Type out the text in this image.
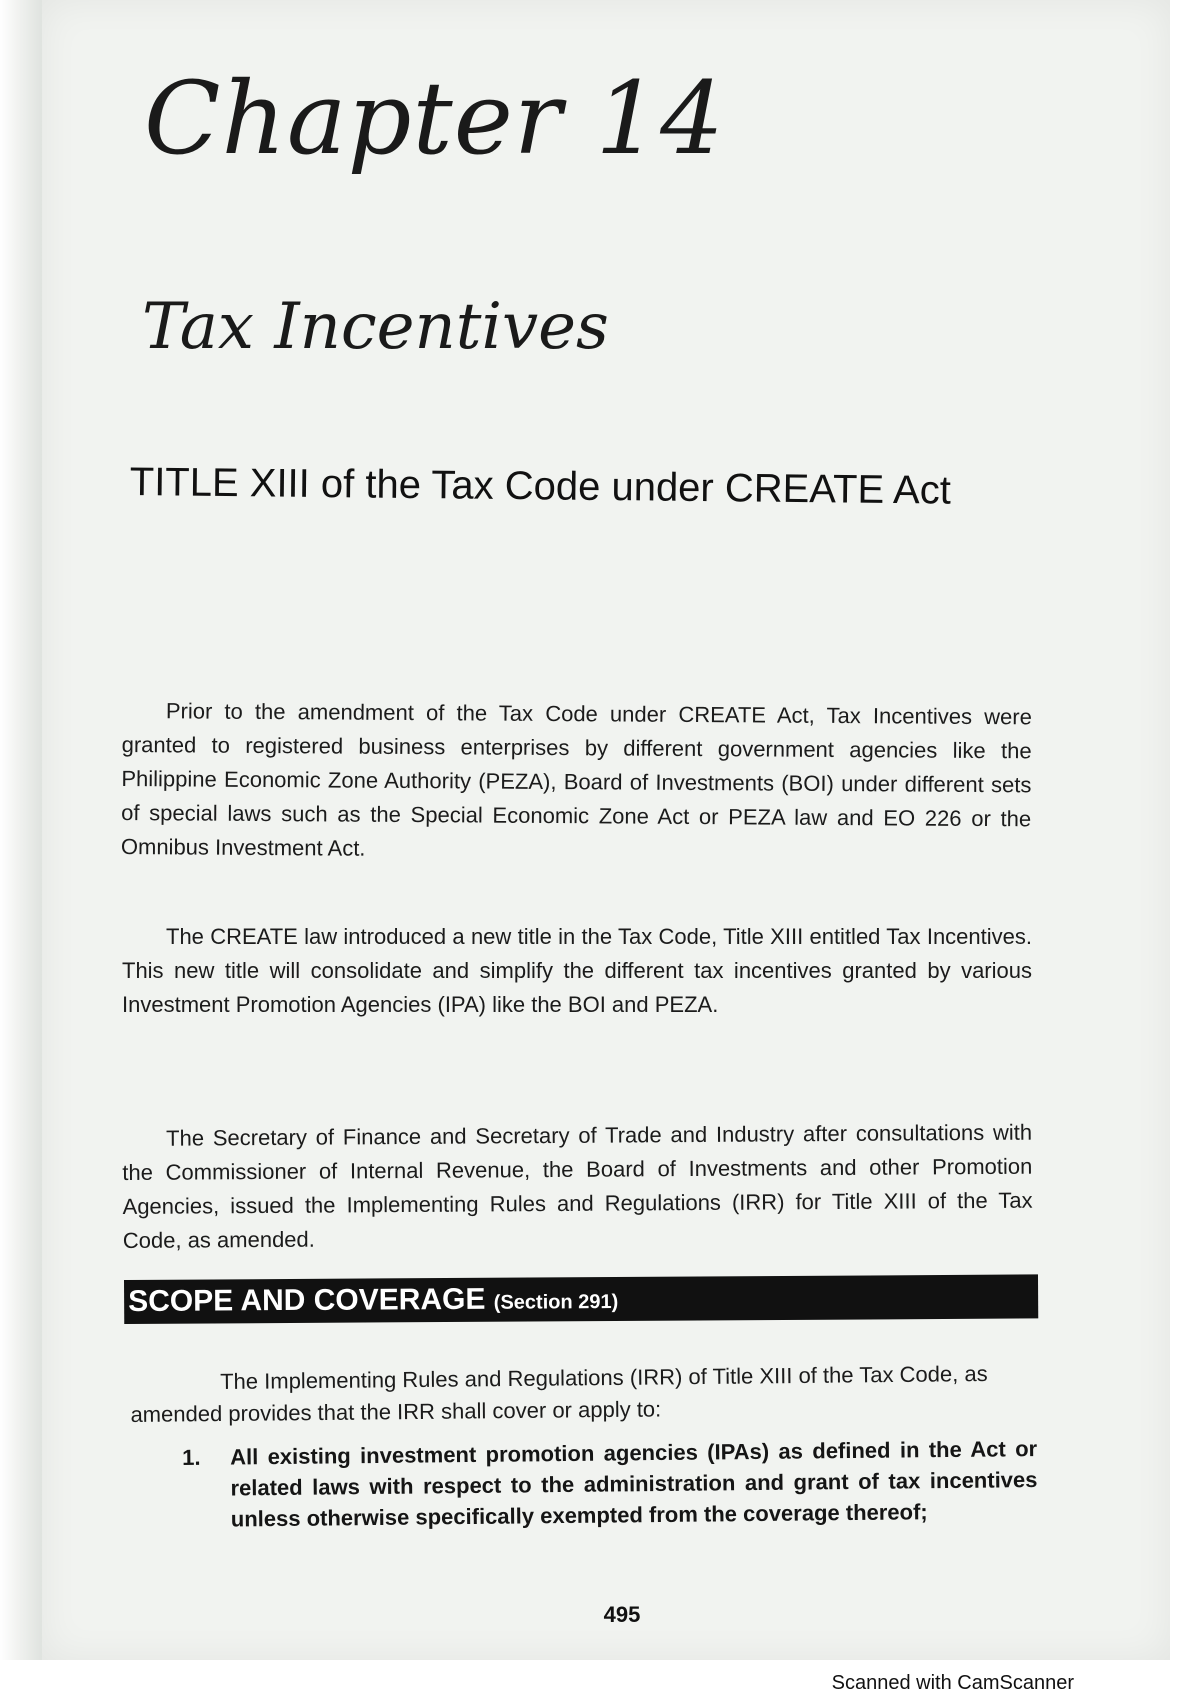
Chapter 14
Tax Incentives
TITLE XIII of the Tax Code under CREATE Act

Prior to the amendment of the Tax Code under CREATE Act, Tax Incentives were granted to registered business enterprises by different government agencies like the Philippine Economic Zone Authority (PEZA), Board of Investments (BOI) under different sets of special laws such as the Special Economic Zone Act or PEZA law and EO 226 or the Omnibus Investment Act.

The CREATE law introduced a new title in the Tax Code, Title XIII entitled Tax Incentives. This new title will consolidate and simplify the different tax incentives granted by various Investment Promotion Agencies (IPA) like the BOI and PEZA.

The Secretary of Finance and Secretary of Trade and Industry after consultations with the Commissioner of Internal Revenue, the Board of Investments and other Promotion Agencies, issued the Implementing Rules and Regulations (IRR) for Title XIII of the Tax Code, as amended.

SCOPE AND COVERAGE (Section 291)

The Implementing Rules and Regulations (IRR) of Title XIII of the Tax Code, as amended provides that the IRR shall cover or apply to:

1.	All existing investment promotion agencies (IPAs) as defined in the Act or related laws with respect to the administration and grant of tax incentives unless otherwise specifically exempted from the coverage thereof;
495
Scanned with CamScanner
